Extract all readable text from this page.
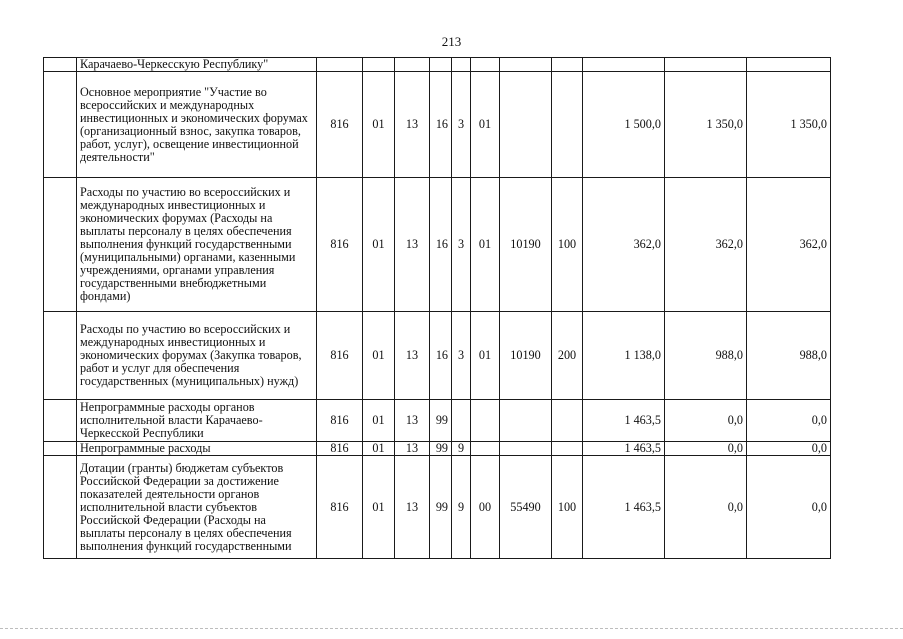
213
	Карачаево-Черкесскую Республику"											
	Основное мероприятие "Участие во всероссийских и международных инвестиционных и экономических форумах (организационный взнос, закупка товаров, работ, услуг), освещение инвестиционной деятельности"	816	01	13	16	3	01			1 500,0	1 350,0	1 350,0
	Расходы по участию во всероссийских и международных инвестиционных и экономических форумах (Расходы на выплаты персоналу в целях обеспечения выполнения функций государственными (муниципальными) органами, казенными учреждениями, органами управления государственными внебюджетными фондами)	816	01	13	16	3	01	10190	100	362,0	362,0	362,0
	Расходы по участию во всероссийских и международных инвестиционных и экономических форумах (Закупка товаров, работ и услуг для обеспечения государственных (муниципальных) нужд)	816	01	13	16	3	01	10190	200	1 138,0	988,0	988,0
	Непрограммные расходы органов исполнительной власти Карачаево-Черкесской Республики	816	01	13	99					1 463,5	0,0	0,0
	Непрограммные расходы	816	01	13	99	9				1 463,5	0,0	0,0
	Дотации (гранты) бюджетам субъектов Российской Федерации за достижение показателей деятельности органов исполнительной власти субъектов Российской Федерации (Расходы на выплаты персоналу в целях обеспечения выполнения функций государственными	816	01	13	99	9	00	55490	100	1 463,5	0,0	0,0
